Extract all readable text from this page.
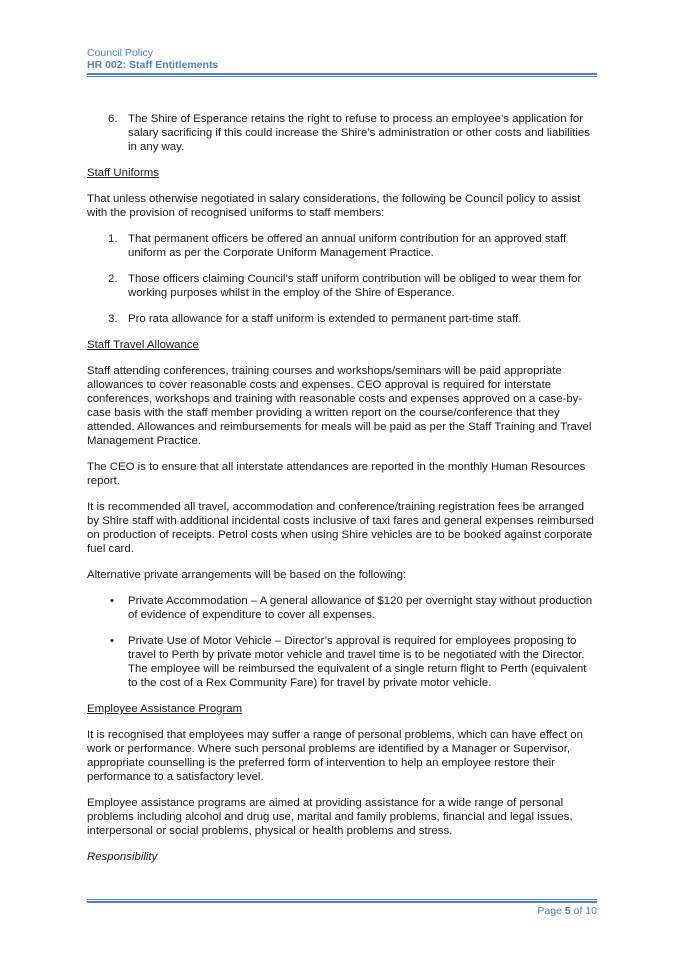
Council Policy
HR 002: Staff Entitlements
6. The Shire of Esperance retains the right to refuse to process an employee’s application for salary sacrificing if this could increase the Shire’s administration or other costs and liabilities in any way.
Staff Uniforms

That unless otherwise negotiated in salary considerations, the following be Council policy to assist with the provision of recognised uniforms to staff members:

1. That permanent officers be offered an annual uniform contribution for an approved staff uniform as per the Corporate Uniform Management Practice.
2. Those officers claiming Council’s staff uniform contribution will be obliged to wear them for working purposes whilst in the employ of the Shire of Esperance.
3. Pro rata allowance for a staff uniform is extended to permanent part-time staff.
Staff Travel Allowance

Staff attending conferences, training courses and workshops/seminars will be paid appropriate allowances to cover reasonable costs and expenses. CEO approval is required for interstate conferences, workshops and training with reasonable costs and expenses approved on a case-by-case basis with the staff member providing a written report on the course/conference that they attended. Allowances and reimbursements for meals will be paid as per the Staff Training and Travel Management Practice.

The CEO is to ensure that all interstate attendances are reported in the monthly Human Resources report.

It is recommended all travel, accommodation and conference/training registration fees be arranged by Shire staff with additional incidental costs inclusive of taxi fares and general expenses reimbursed on production of receipts. Petrol costs when using Shire vehicles are to be booked against corporate fuel card.

Alternative private arrangements will be based on the following:

• Private Accommodation – A general allowance of $120 per overnight stay without production of evidence of expenditure to cover all expenses.
• Private Use of Motor Vehicle – Director’s approval is required for employees proposing to travel to Perth by private motor vehicle and travel time is to be negotiated with the Director. The employee will be reimbursed the equivalent of a single return flight to Perth (equivalent to the cost of a Rex Community Fare) for travel by private motor vehicle.
Employee Assistance Program

It is recognised that employees may suffer a range of personal problems, which can have effect on work or performance. Where such personal problems are identified by a Manager or Supervisor, appropriate counselling is the preferred form of intervention to help an employee restore their performance to a satisfactory level.

Employee assistance programs are aimed at providing assistance for a wide range of personal problems including alcohol and drug use, marital and family problems, financial and legal issues, interpersonal or social problems, physical or health problems and stress.

Responsibility
Page 5 of 10
